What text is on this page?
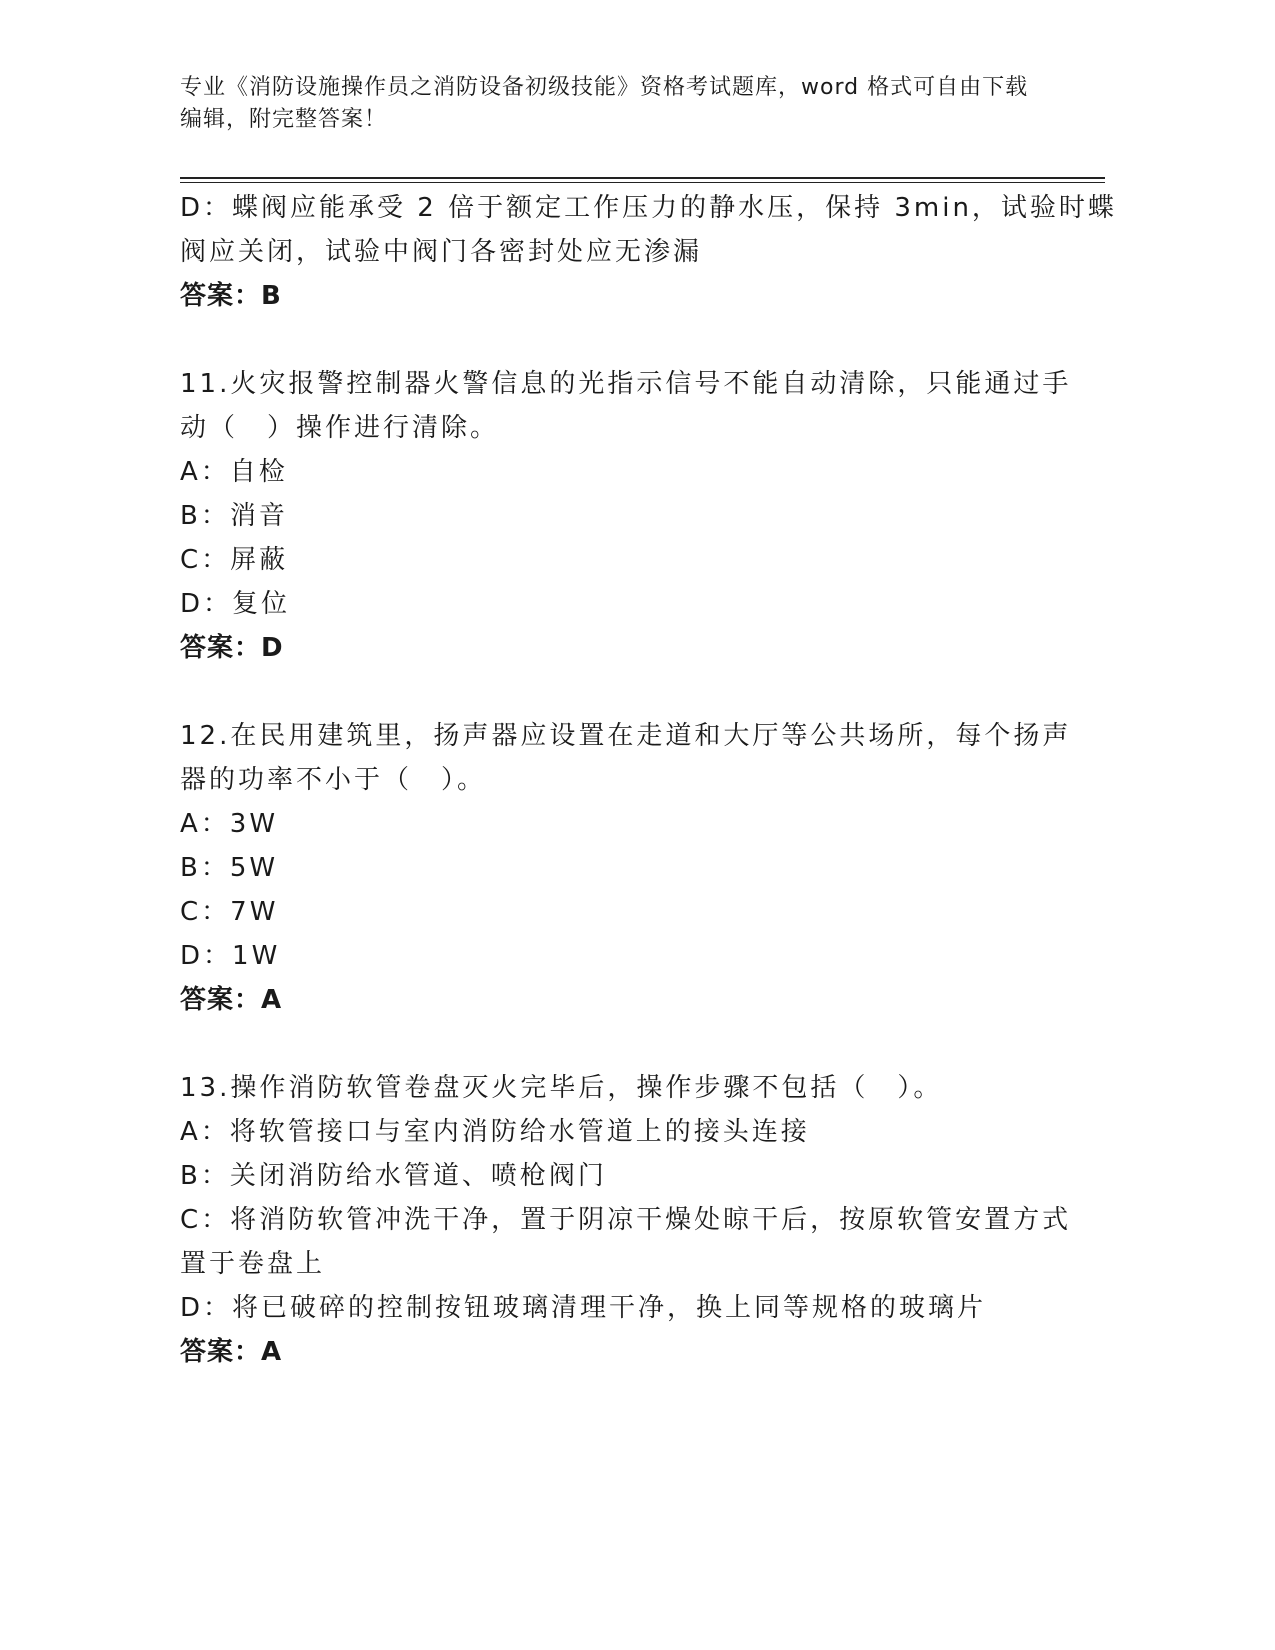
专业《消防设施操作员之消防设备初级技能》资格考试题库，word 格式可自由下载编辑，附完整答案！
D：蝶阀应能承受 2 倍于额定工作压力的静水压，保持 3min，试验时蝶
阀应关闭，试验中阀门各密封处应无渗漏
答案：B
11.火灾报警控制器火警信息的光指示信号不能自动清除，只能通过手
动（　）操作进行清除。
A：自检
B：消音
C：屏蔽
D：复位
答案：D
12.在民用建筑里，扬声器应设置在走道和大厅等公共场所，每个扬声
器的功率不小于（　）。
A：3W
B：5W
C：7W
D：1W
答案：A
13.操作消防软管卷盘灭火完毕后，操作步骤不包括（　）。
A：将软管接口与室内消防给水管道上的接头连接
B：关闭消防给水管道、喷枪阀门
C：将消防软管冲洗干净，置于阴凉干燥处晾干后，按原软管安置方式
置于卷盘上
D：将已破碎的控制按钮玻璃清理干净，换上同等规格的玻璃片
答案：A
